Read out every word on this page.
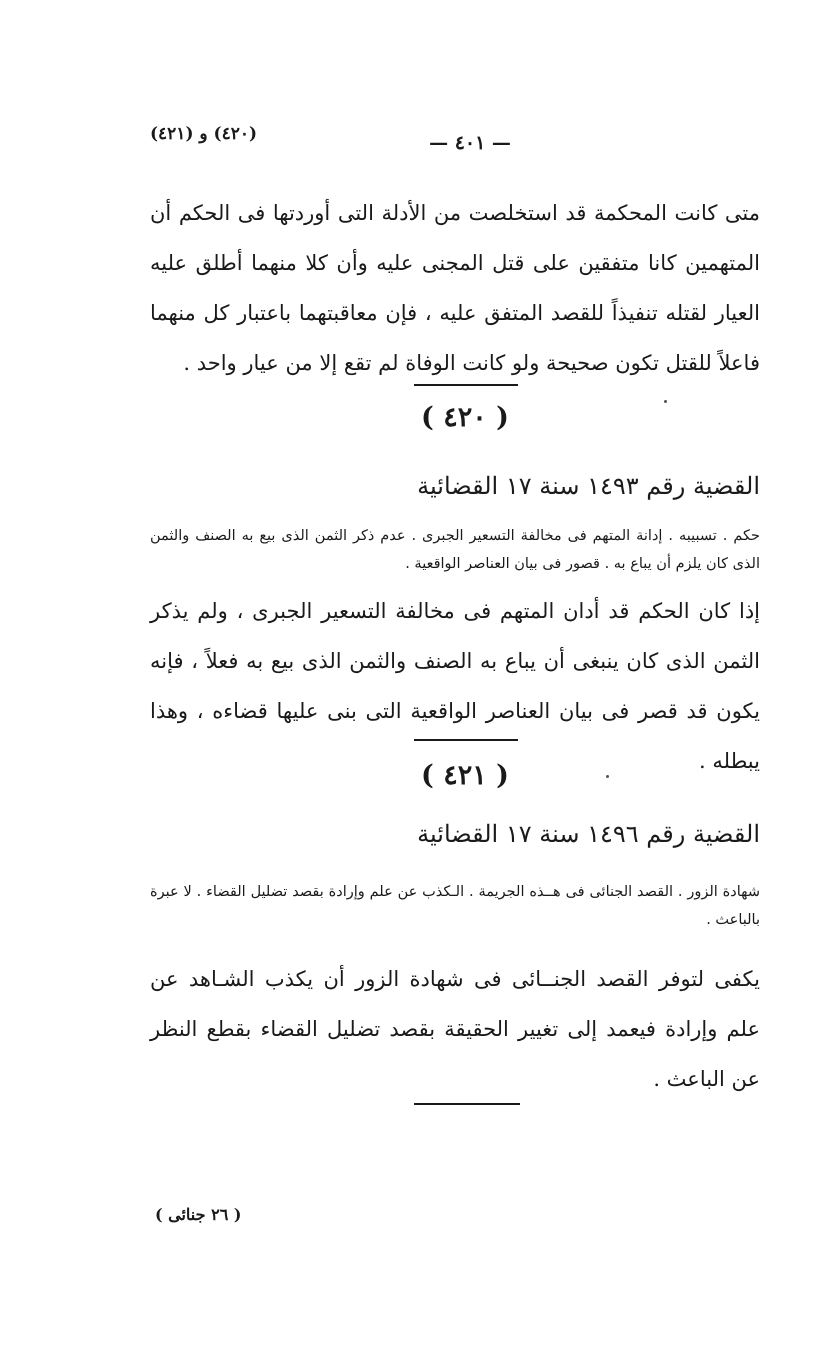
(٤٢٠) و (٤٢١)	— ٤٠١ —
متى كانت المحكمة قد استخلصت من الأدلة التى أوردتها فى الحكم أن المتهمين كانا متفقين على قتل المجنى عليه وأن كلا منهما أطلق عليه العيار لقتله تنفيذاً للقصد المتفق عليه ، فإن معاقبتهما باعتبار كل منهما فاعلاً للقتل تكون صحيحة ولو كانت الوفاة لم تقع إلا من عيار واحد .
( ٤٢٠ )
القضية رقم ١٤٩٣ سنة ١٧ القضائية
حكم . تسبيبه . إدانة المتهم فى مخالفة التسعير الجبرى . عدم ذكر الثمن الذى بيع به الصنف والثمن الذى كان يلزم أن يباع به . قصور فى بيان العناصر الواقعية .
إذا كان الحكم قد أدان المتهم فى مخالفة التسعير الجبرى ، ولم يذكر الثمن الذى كان ينبغى أن يباع به الصنف والثمن الذى بيع به فعلاً ، فإنه يكون قد قصر فى بيان العناصر الواقعية التى بنى عليها قضاءه ، وهذا يبطله .
( ٤٢١ )
القضية رقم ١٤٩٦ سنة ١٧ القضائية
شهادة الزور . القصد الجنائى فى هــذه الجريمة . الـكذب عن علم وإرادة بقصد تضليل القضاء . لا عبرة بالباعث .
يكفى لتوفر القصد الجنــائى فى شهادة الزور أن يكذب الشـاهد عن علم وإرادة فيعمد إلى تغيير الحقيقة بقصد تضليل القضاء بقطع النظر عن الباعث .
( ٢٦ جنائى )
